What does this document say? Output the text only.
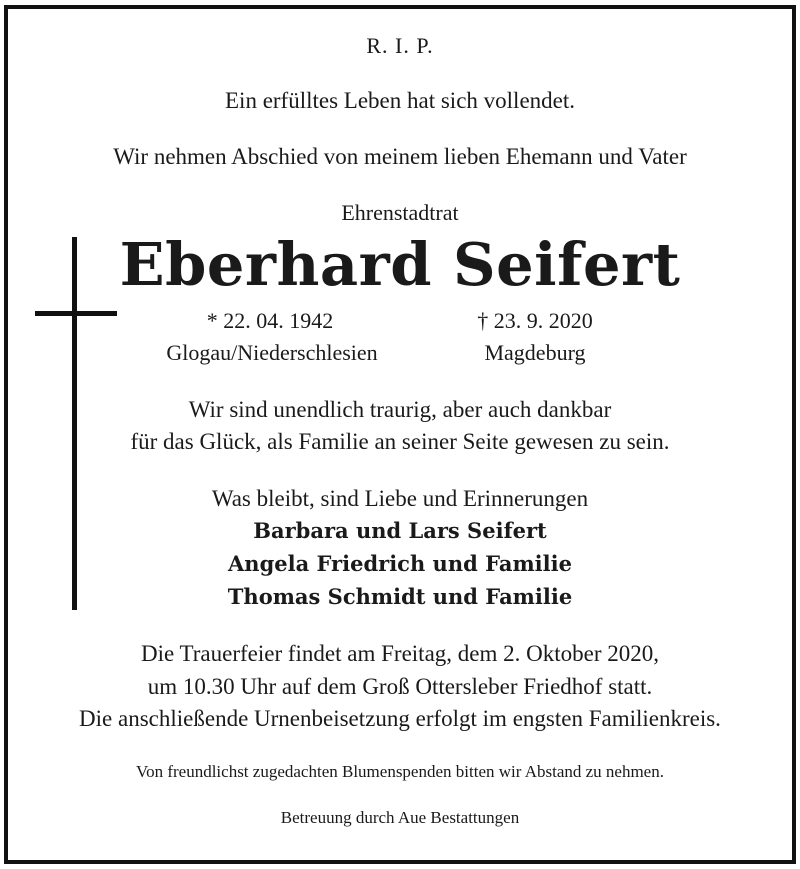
R. I. P.
Ein erfülltes Leben hat sich vollendet.
Wir nehmen Abschied von meinem lieben Ehemann und Vater
Ehrenstadtrat
Eberhard Seifert
* 22. 04. 1942
Glogau/Niederschlesien
† 23. 9. 2020
Magdeburg
Wir sind unendlich traurig, aber auch dankbar
für das Glück, als Familie an seiner Seite gewesen zu sein.
Was bleibt, sind Liebe und Erinnerungen
Barbara und Lars Seifert
Angela Friedrich und Familie
Thomas Schmidt und Familie
Die Trauerfeier findet am Freitag, dem 2. Oktober 2020,
um 10.30 Uhr auf dem Groß Ottersleber Friedhof statt.
Die anschließende Urnenbeisetzung erfolgt im engsten Familienkreis.
Von freundlichst zugedachten Blumenspenden bitten wir Abstand zu nehmen.
Betreuung durch Aue Bestattungen
